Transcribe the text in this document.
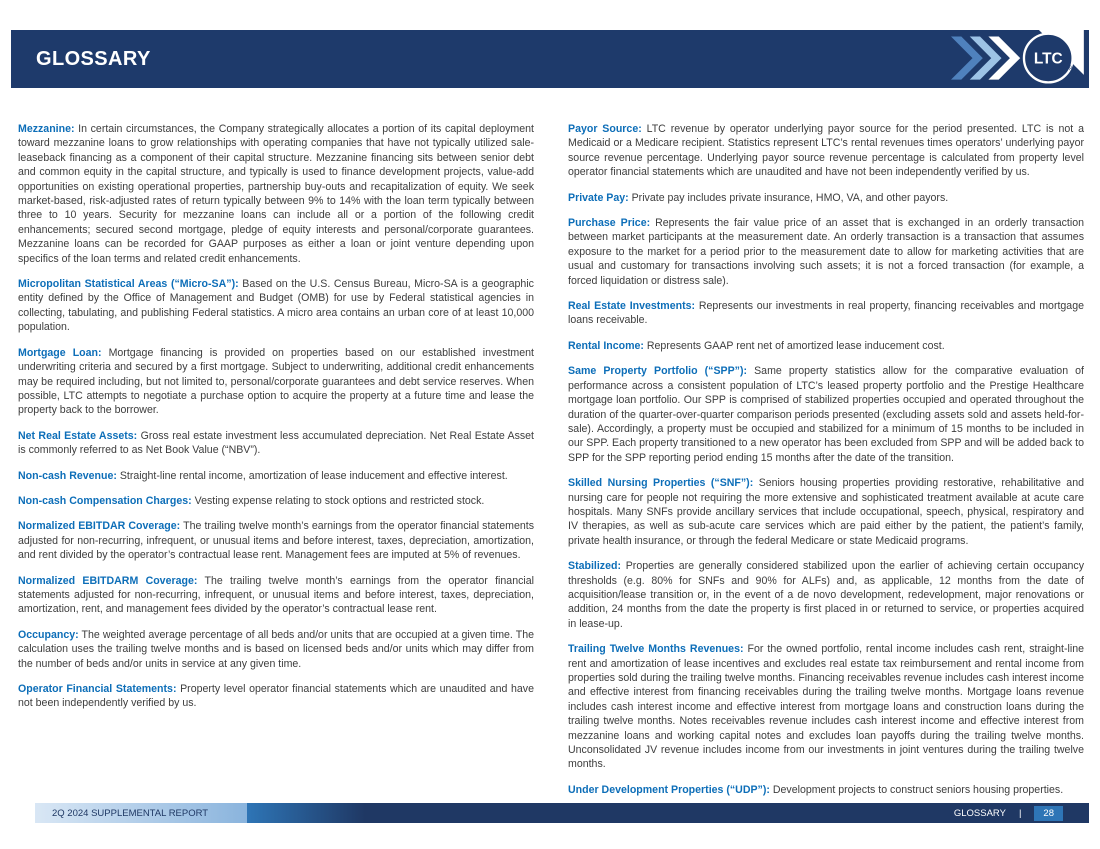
GLOSSARY	LTC
REIT

Mezzanine: In certain circumstances, the Company strategically allocates a portion of its capital deployment toward mezzanine loans to grow relationships with operating companies that have not typically utilized sale-leaseback financing as a component of their capital structure. Mezzanine financing sits between senior debt and common equity in the capital structure, and typically is used to finance development projects, value-add opportunities on existing operational properties, partnership buy-outs and recapitalization of equity. We seek market-based, risk-adjusted rates of return typically between 9% to 14% with the loan term typically between three to 10 years. Security for mezzanine loans can include all or a portion of the following credit enhancements; secured second mortgage, pledge of equity interests and personal/corporate guarantees. Mezzanine loans can be recorded for GAAP purposes as either a loan or joint venture depending upon specifics of the loan terms and related credit enhancements.

Micropolitan Statistical Areas (“Micro-SA”): Based on the U.S. Census Bureau, Micro-SA is a geographic entity defined by the Office of Management and Budget (OMB) for use by Federal statistical agencies in collecting, tabulating, and publishing Federal statistics. A micro area contains an urban core of at least 10,000 population.

Mortgage Loan: Mortgage financing is provided on properties based on our established investment underwriting criteria and secured by a first mortgage. Subject to underwriting, additional credit enhancements may be required including, but not limited to, personal/corporate guarantees and debt service reserves. When possible, LTC attempts to negotiate a purchase option to acquire the property at a future time and lease the property back to the borrower.

Net Real Estate Assets: Gross real estate investment less accumulated depreciation. Net Real Estate Asset is commonly referred to as Net Book Value (“NBV”).

Non-cash Revenue: Straight-line rental income, amortization of lease inducement and effective interest.

Non-cash Compensation Charges: Vesting expense relating to stock options and restricted stock.

Normalized EBITDAR Coverage: The trailing twelve month’s earnings from the operator financial statements adjusted for non-recurring, infrequent, or unusual items and before interest, taxes, depreciation, amortization, and rent divided by the operator’s contractual lease rent. Management fees are imputed at 5% of revenues.

Normalized EBITDARM Coverage: The trailing twelve month’s earnings from the operator financial statements adjusted for non-recurring, infrequent, or unusual items and before interest, taxes, depreciation, amortization, rent, and management fees divided by the operator’s contractual lease rent.

Occupancy: The weighted average percentage of all beds and/or units that are occupied at a given time. The calculation uses the trailing twelve months and is based on licensed beds and/or units which may differ from the number of beds and/or units in service at any given time.

Operator Financial Statements: Property level operator financial statements which are unaudited and have not been independently verified by us.

Payor Source: LTC revenue by operator underlying payor source for the period presented. LTC is not a Medicaid or a Medicare recipient. Statistics represent LTC’s rental revenues times operators’ underlying payor source revenue percentage. Underlying payor source revenue percentage is calculated from property level operator financial statements which are unaudited and have not been independently verified by us.

Private Pay: Private pay includes private insurance, HMO, VA, and other payors.

Purchase Price: Represents the fair value price of an asset that is exchanged in an orderly transaction between market participants at the measurement date. An orderly transaction is a transaction that assumes exposure to the market for a period prior to the measurement date to allow for marketing activities that are usual and customary for transactions involving such assets; it is not a forced transaction (for example, a forced liquidation or distress sale).

Real Estate Investments: Represents our investments in real property, financing receivables and mortgage loans receivable.

Rental Income: Represents GAAP rent net of amortized lease inducement cost.

Same Property Portfolio (“SPP”): Same property statistics allow for the comparative evaluation of performance across a consistent population of LTC’s leased property portfolio and the Prestige Healthcare mortgage loan portfolio. Our SPP is comprised of stabilized properties occupied and operated throughout the duration of the quarter-over-quarter comparison periods presented (excluding assets sold and assets held-for-sale). Accordingly, a property must be occupied and stabilized for a minimum of 15 months to be included in our SPP. Each property transitioned to a new operator has been excluded from SPP and will be added back to SPP for the SPP reporting period ending 15 months after the date of the transition.

Skilled Nursing Properties (“SNF”): Seniors housing properties providing restorative, rehabilitative and nursing care for people not requiring the more extensive and sophisticated treatment available at acute care hospitals. Many SNFs provide ancillary services that include occupational, speech, physical, respiratory and IV therapies, as well as sub-acute care services which are paid either by the patient, the patient’s family, private health insurance, or through the federal Medicare or state Medicaid programs.

Stabilized: Properties are generally considered stabilized upon the earlier of achieving certain occupancy thresholds (e.g. 80% for SNFs and 90% for ALFs) and, as applicable, 12 months from the date of acquisition/lease transition or, in the event of a de novo development, redevelopment, major renovations or addition, 24 months from the date the property is first placed in or returned to service, or properties acquired in lease-up.

Trailing Twelve Months Revenues: For the owned portfolio, rental income includes cash rent, straight-line rent and amortization of lease incentives and excludes real estate tax reimbursement and rental income from properties sold during the trailing twelve months. Financing receivables revenue includes cash interest income and effective interest from financing receivables during the trailing twelve months. Mortgage loans revenue includes cash interest income and effective interest from mortgage loans and construction loans during the trailing twelve months. Notes receivables revenue includes cash interest income and effective interest from mezzanine loans and working capital notes and excludes loan payoffs during the trailing twelve months. Unconsolidated JV revenue includes income from our investments in joint ventures during the trailing twelve months.

Under Development Properties (“UDP”): Development projects to construct seniors housing properties.

2Q 2024 SUPPLEMENTAL REPORT	GLOSSARY |	28
